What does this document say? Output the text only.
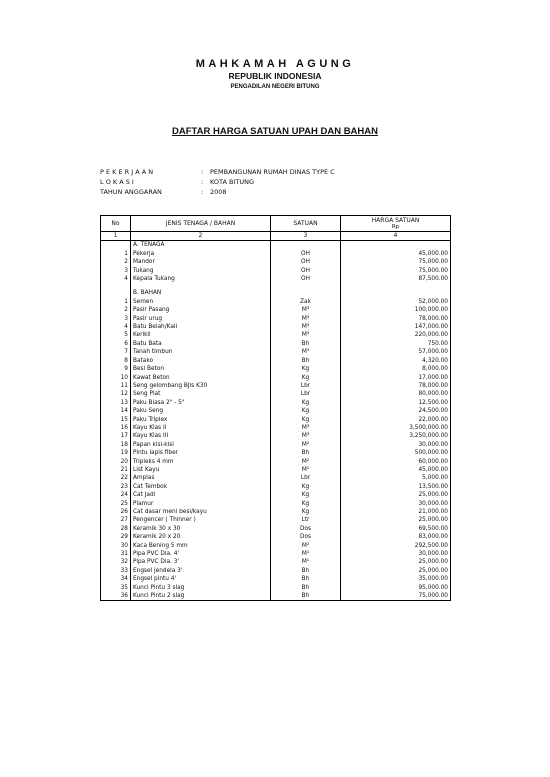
MAHKAMAH AGUNG
REPUBLIK INDONESIA
PENGADILAN NEGERI BITUNG
DAFTAR HARGA SATUAN UPAH DAN BAHAN
P E K E R J A A N	: PEMBANGUNAN RUMAH DINAS TYPE C
L O K A S I	: KOTA BITUNG
TAHUN ANGGARAN	: 2008
No	JENIS TENAGA / BAHAN	SATUAN	HARGA SATUAN
Rp

1	2	3	4
	A. TENAGA		
1	Pekerja	OH	45,000.00
2	Mandor	OH	75,000.00
3	Tukang	OH	75,000.00
4	Kepala Tukang	OH	87,500.00

	B. BAHAN		
1	Semen	Zak	52,000.00
2	Pasir Pasang	M³	100,000.00
3	Pasir urug	M³	78,000.00
4	Batu Belah/Kali	M³	147,000.00
5	Kerikil	M³	220,000.00
6	Batu Bata	Bh	750.00
7	Tanah timbun	M³	57,000.00
8	Batako	Bh	4,320.00
9	Besi Beton	Kg	8,000.00
10	Kawat Beton	Kg	17,000.00
11	Seng gelombang BJls K30	Lbr	78,000.00
12	Seng Plat	Lbr	80,000.00
13	Paku Biasa 2" - 5"	Kg	12,500.00
14	Paku Seng	Kg	24,500.00
15	Paku Triplex	Kg	22,000.00
16	Kayu Klas II	M³	3,500,000.00
17	Kayu Klas III	M³	3,250,000.00
18	Papan kisi-kisi	M²	30,000.00
19	Pintu lapis fiber	Bh	500,000.00
20	Tripleks 4 mm	M²	60,000.00
21	List Kayu	M¹	45,000.00
22	Amplas	Lbr	5,000.00
23	Cat Tembok	Kg	13,500.00
24	Cat Jadi	Kg	25,000.00
25	Plamur	Kg	30,000.00
26	Cat dasar meni besi/kayu	Kg	21,000.00
27	Pengencer ( Thinner )	Ltr	25,000.00
28	Keramik 30 x 30	Dos	69,500.00
29	Keramik 20 x 20	Dos	83,000.00
30	Kaca Bening 5 mm	M²	292,500.00
31	Pipa PVC Dia. 4'	M¹	30,000.00
32	Pipa PVC Dia. 3'	M¹	25,000.00
33	Engsel jendela 3'	Bh	25,000.00
34	Engsel pintu 4'	Bh	35,000.00
35	Kunci Pintu 3 slag	Bh	95,000.00
36	Kunci Pintu 2 slag	Bh	75,000.00
